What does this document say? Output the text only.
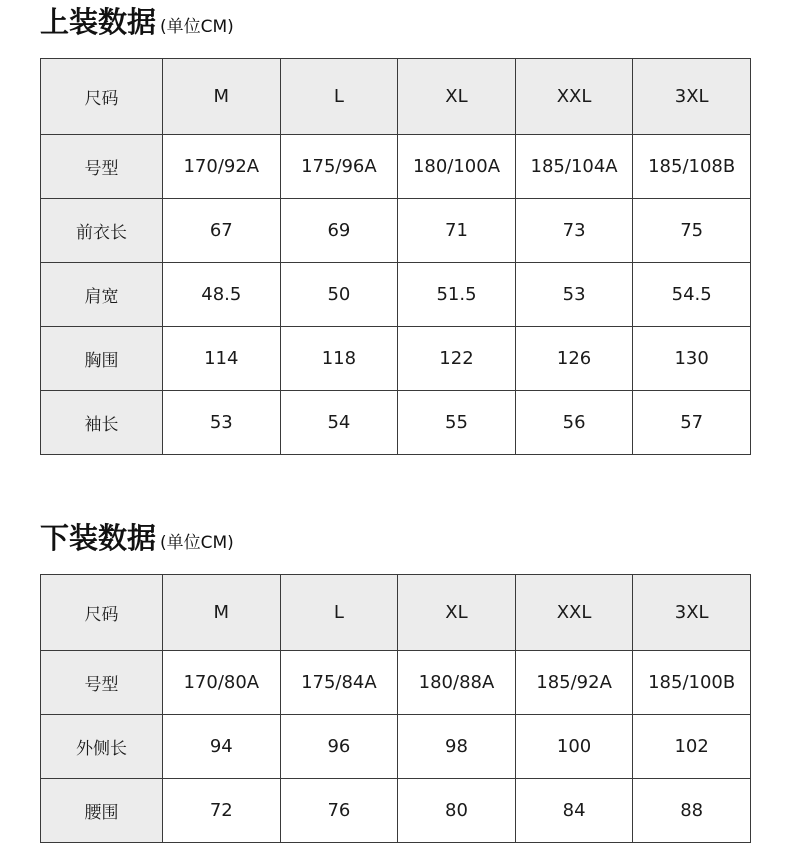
上装数据 (单位CM)
尺码	M	L	XL	XXL	3XL
号型	170/92A	175/96A	180/100A	185/104A	185/108B
前衣长	67	69	71	73	75
肩宽	48.5	50	51.5	53	54.5
胸围	114	118	122	126	130
袖长	53	54	55	56	57
下装数据 (单位CM)
尺码	M	L	XL	XXL	3XL
号型	170/80A	175/84A	180/88A	185/92A	185/100B
外侧长	94	96	98	100	102
腰围	72	76	80	84	88
